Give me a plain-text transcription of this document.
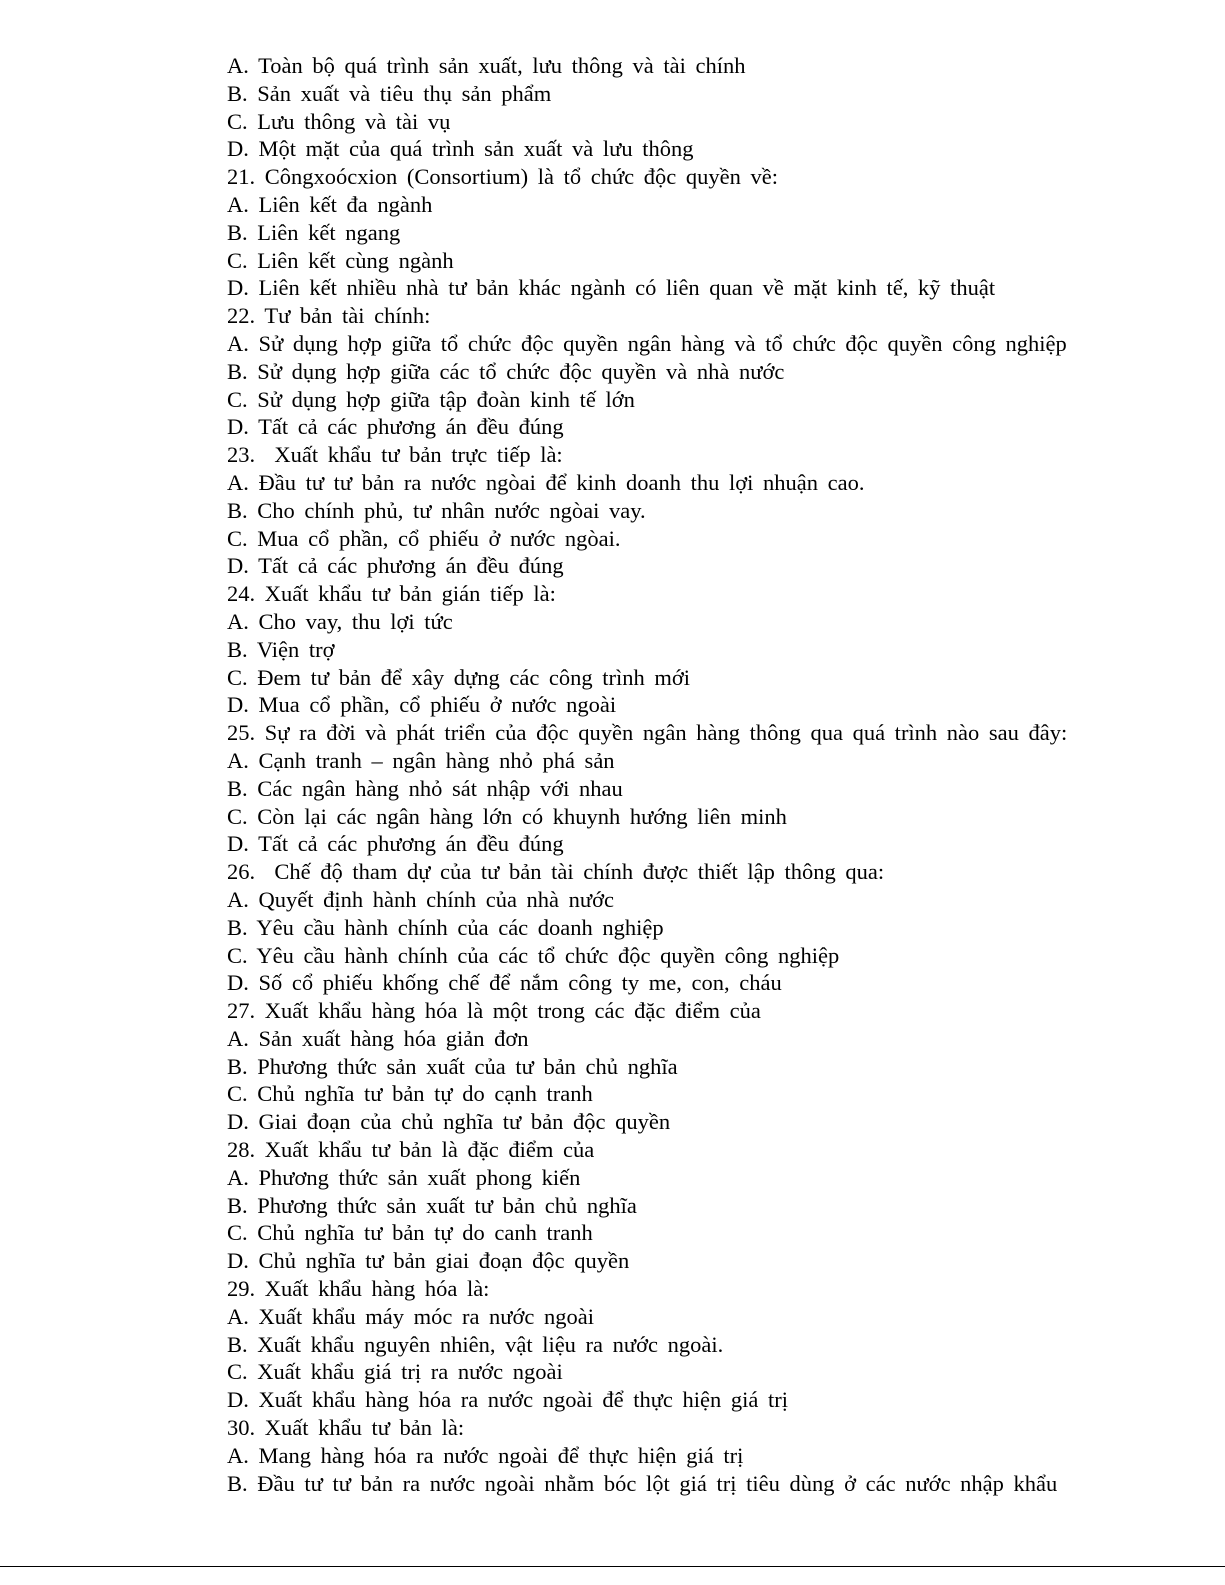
A. Toàn bộ quá trình sản xuất, lưu thông và tài chính

B. Sản xuất và tiêu thụ sản phẩm

C. Lưu thông và tài vụ

D. Một mặt của quá trình sản xuất và lưu thông

21. Côngxoócxion (Consortium) là tổ chức độc quyền về:

A. Liên kết đa ngành

B. Liên kết ngang

C. Liên kết cùng ngành

D. Liên kết nhiều nhà tư bản khác ngành có liên quan về mặt kinh tế, kỹ thuật

22. Tư bản tài chính:

A. Sử dụng hợp giữa tổ chức độc quyền ngân hàng và tổ chức độc quyền công nghiệp

B. Sử dụng hợp giữa các tổ chức độc quyền và nhà nước

C. Sử dụng hợp giữa tập đoàn kinh tế lớn

D. Tất cả các phương án đều đúng

23.  Xuất khẩu tư bản trực tiếp là:

A. Đầu tư tư bản ra nước ngòai để kinh doanh thu lợi nhuận cao.

B. Cho chính phủ, tư nhân nước ngòai vay.

C. Mua cổ phần, cổ phiếu ở nước ngòai.

D. Tất cả các phương án đều đúng

24. Xuất khẩu tư bản gián tiếp là:

A. Cho vay, thu lợi tức

B. Viện trợ

C. Đem tư bản để xây dựng các công trình mới

D. Mua cổ phần, cổ phiếu ở nước ngoài

25. Sự ra đời và phát triển của độc quyền ngân hàng thông qua quá trình nào sau đây:

A. Cạnh tranh – ngân hàng nhỏ phá sản

B. Các ngân hàng nhỏ sát nhập với nhau

C. Còn lại các ngân hàng lớn có khuynh hướng liên minh

D. Tất cả các phương án đều đúng

26.  Chế độ tham dự của tư bản tài chính được thiết lập thông qua:

A. Quyết định hành chính của nhà nước

B. Yêu cầu hành chính của các doanh nghiệp

C. Yêu cầu hành chính của các tổ chức độc quyền công nghiệp

D. Số cổ phiếu khống chế để nắm công ty me, con, cháu

27. Xuất khẩu hàng hóa là một trong các đặc điểm của

A. Sản xuất hàng hóa giản đơn

B. Phương thức sản xuất của tư bản chủ nghĩa

C. Chủ nghĩa tư bản tự do cạnh tranh

D. Giai đoạn của chủ nghĩa tư bản độc quyền

28. Xuất khẩu tư bản là đặc điểm của

A. Phương thức sản xuất phong kiến

B. Phương thức sản xuất tư bản chủ nghĩa

C. Chủ nghĩa tư bản tự do canh tranh

D. Chủ nghĩa tư bản giai đoạn độc quyền

29. Xuất khẩu hàng hóa là:

A. Xuất khẩu máy móc ra nước ngoài

B. Xuất khẩu nguyên nhiên, vật liệu ra nước ngoài.

C. Xuất khẩu giá trị ra nước ngoài

D. Xuất khẩu hàng hóa ra nước ngoài để thực hiện giá trị

30. Xuất khẩu tư bản là:

A. Mang hàng hóa ra nước ngoài để thực hiện giá trị

B. Đầu tư tư bản ra nước ngoài nhằm bóc lột giá trị tiêu dùng ở các nước nhập khẩu
